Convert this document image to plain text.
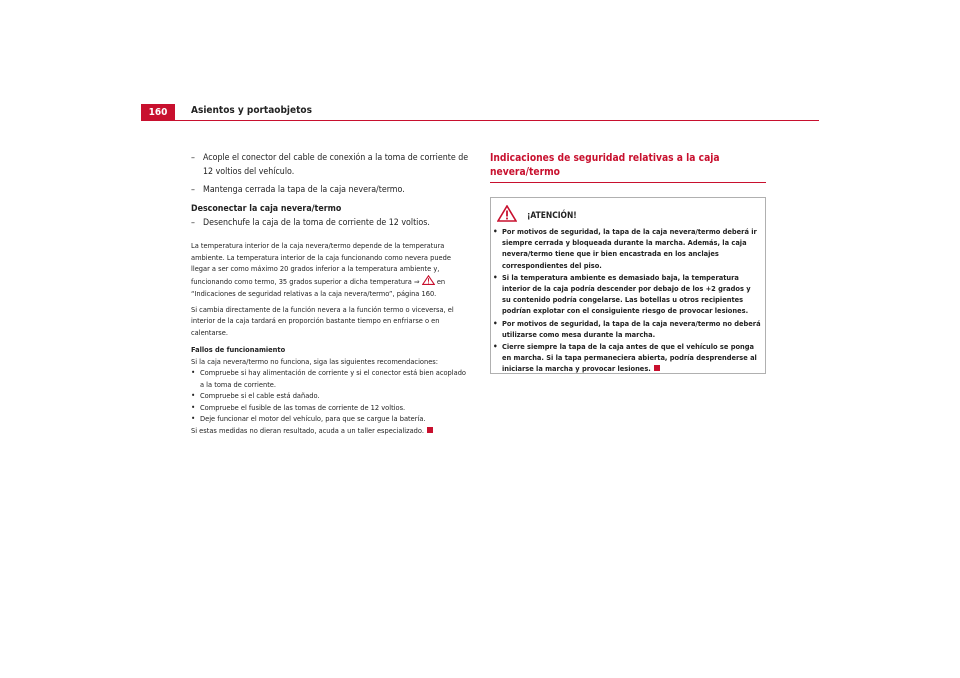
160	Asientos y portaobjetos
– Acople el conector del cable de conexión a la toma de corriente de 12 voltios del vehículo.
– Mantenga cerrada la tapa de la caja nevera/termo.
Desconectar la caja nevera/termo
– Desenchufe la caja de la toma de corriente de 12 voltios.
La temperatura interior de la caja nevera/termo depende de la temperatura ambiente. La temperatura interior de la caja funcionando como nevera puede llegar a ser como máximo 20 grados inferior a la temperatura ambiente y, funcionando como termo, 35 grados superior a dicha temperatura ⇒ en “Indicaciones de seguridad relativas a la caja nevera/termo”, página 160.
Si cambia directamente de la función nevera a la función termo o viceversa, el interior de la caja tardará en proporción bastante tiempo en enfriarse o en calentarse.
Fallos de funcionamiento
Si la caja nevera/termo no funciona, siga las siguientes recomendaciones:
• Compruebe si hay alimentación de corriente y si el conector está bien acoplado a la toma de corriente.
• Compruebe si el cable está dañado.
• Compruebe el fusible de las tomas de corriente de 12 voltios.
• Deje funcionar el motor del vehículo, para que se cargue la batería.
Si estas medidas no dieran resultado, acuda a un taller especializado.
Indicaciones de seguridad relativas a la caja nevera/termo
¡ATENCIÓN!
• Por motivos de seguridad, la tapa de la caja nevera/termo deberá ir siempre cerrada y bloqueada durante la marcha. Además, la caja nevera/termo tiene que ir bien encastrada en los anclajes correspondientes del piso.
• Si la temperatura ambiente es demasiado baja, la temperatura interior de la caja podría descender por debajo de los +2 grados y su contenido podría congelarse. Las botellas u otros recipientes podrían explotar con el consiguiente riesgo de provocar lesiones.
• Por motivos de seguridad, la tapa de la caja nevera/termo no deberá utilizarse como mesa durante la marcha.
• Cierre siempre la tapa de la caja antes de que el vehículo se ponga en marcha. Si la tapa permaneciera abierta, podría desprenderse al iniciarse la marcha y provocar lesiones.
